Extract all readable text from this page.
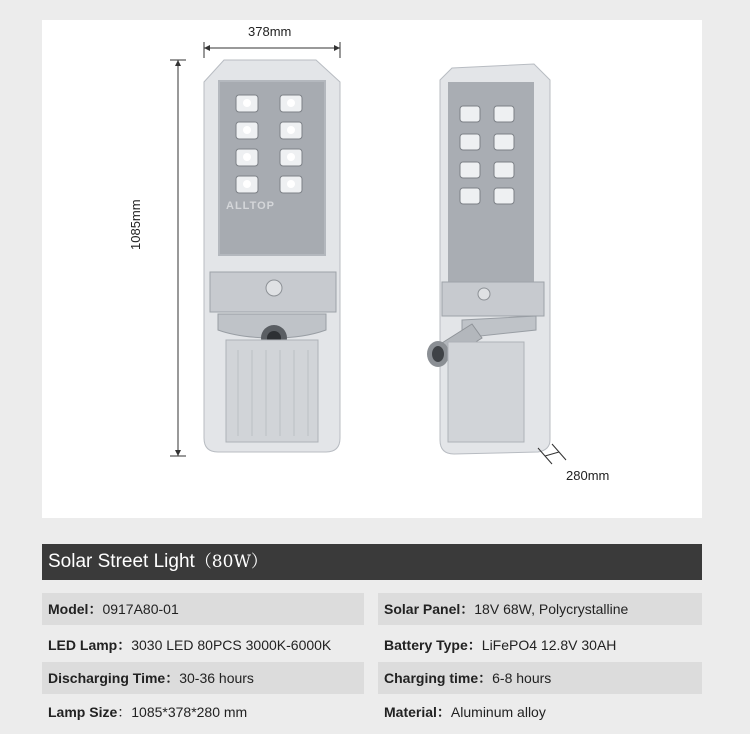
378mm
1085mm
280mm
ALLTOP
Solar Street Light（80W）
Model：0917A80-01
LED Lamp：3030 LED 80PCS 3000K-6000K
Discharging Time：30-36 hours
Lamp Size：1085*378*280 mm
Solar Panel：18V 68W, Polycrystalline
Battery Type：LiFePO4 12.8V 30AH
Charging time：6-8 hours
Material：Aluminum alloy
